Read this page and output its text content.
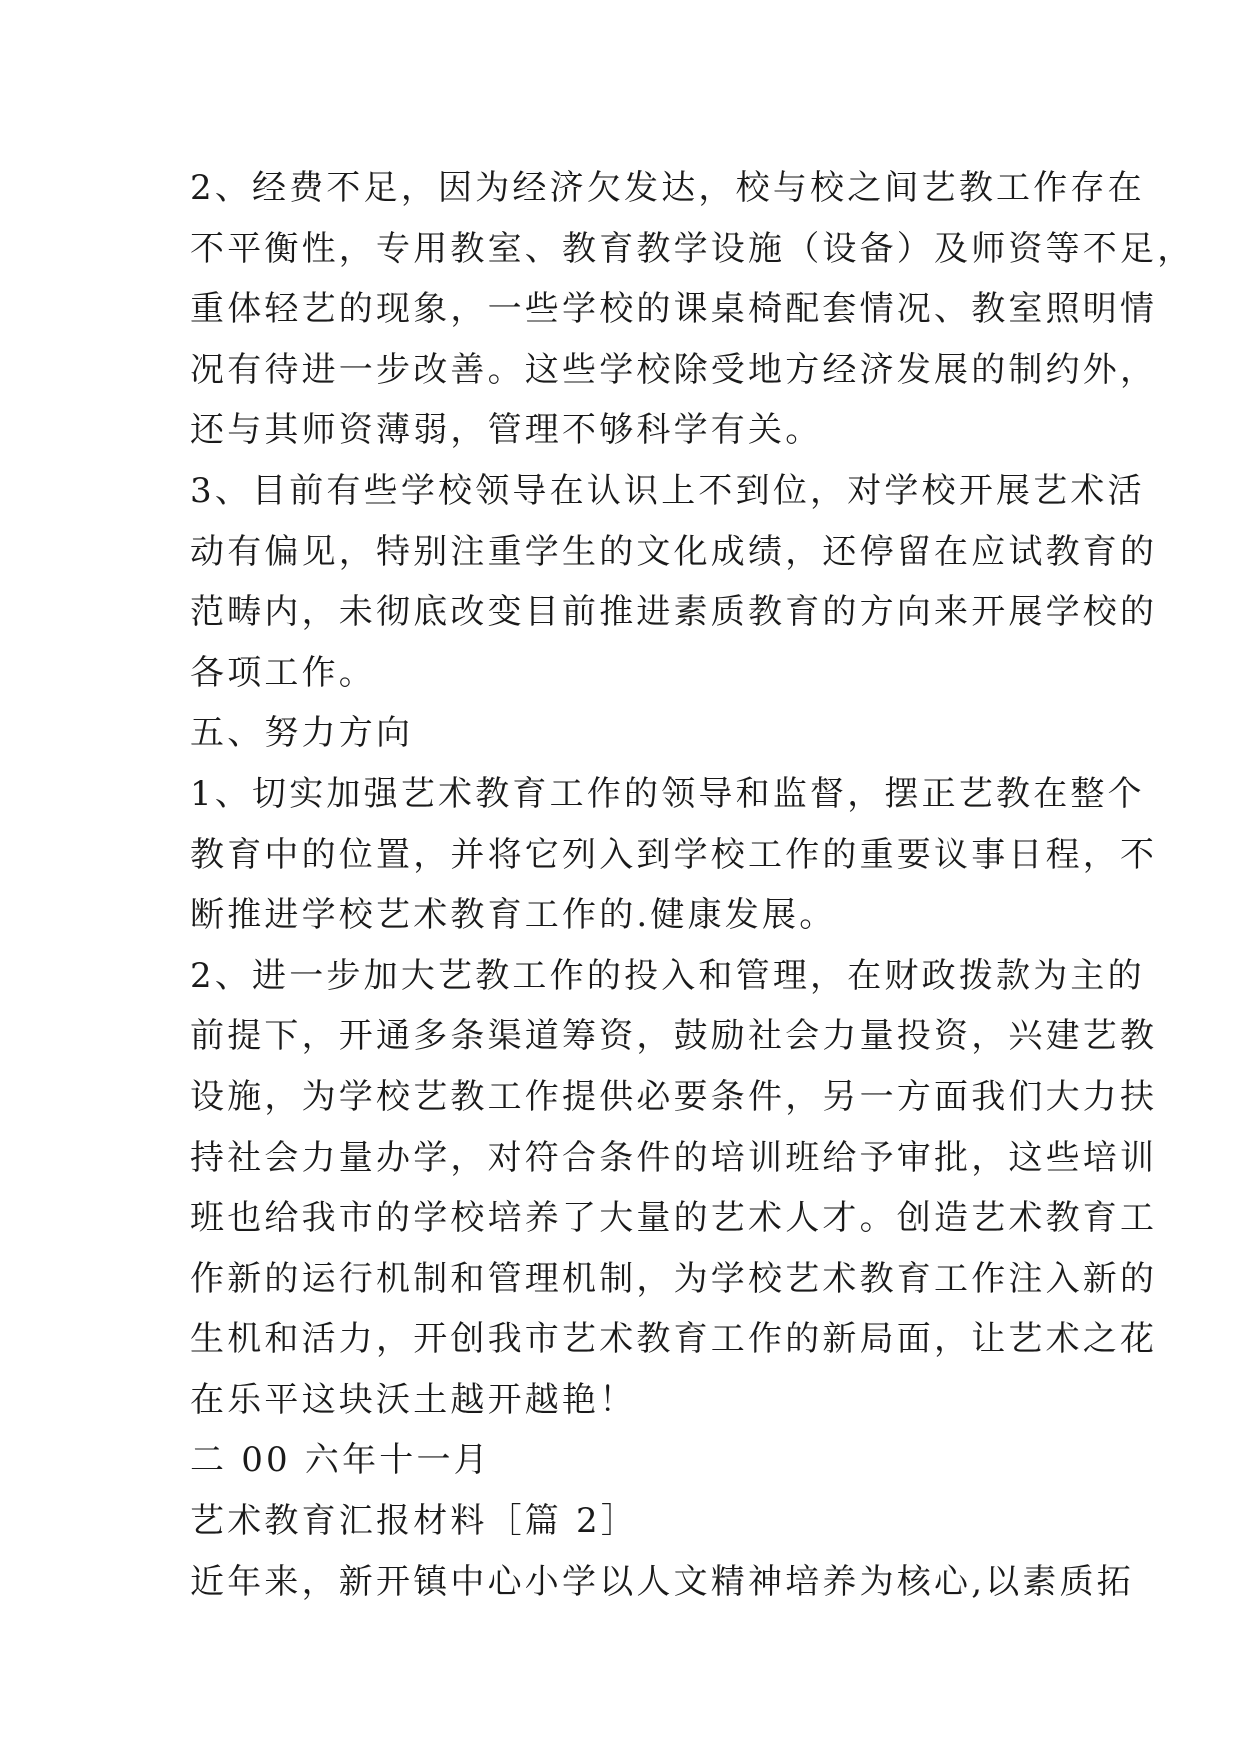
2、经费不足，因为经济欠发达，校与校之间艺教工作存在

不平衡性，专用教室、教育教学设施（设备）及师资等不足，

重体轻艺的现象，一些学校的课桌椅配套情况、教室照明情

况有待进一步改善。这些学校除受地方经济发展的制约外，

还与其师资薄弱，管理不够科学有关。

3、目前有些学校领导在认识上不到位，对学校开展艺术活

动有偏见，特别注重学生的文化成绩，还停留在应试教育的

范畴内，未彻底改变目前推进素质教育的方向来开展学校的

各项工作。

五、努力方向

1、切实加强艺术教育工作的领导和监督，摆正艺教在整个

教育中的位置，并将它列入到学校工作的重要议事日程，不

断推进学校艺术教育工作的.健康发展。

2、进一步加大艺教工作的投入和管理，在财政拨款为主的

前提下，开通多条渠道筹资，鼓励社会力量投资，兴建艺教

设施，为学校艺教工作提供必要条件，另一方面我们大力扶

持社会力量办学，对符合条件的培训班给予审批，这些培训

班也给我市的学校培养了大量的艺术人才。创造艺术教育工

作新的运行机制和管理机制，为学校艺术教育工作注入新的

生机和活力，开创我市艺术教育工作的新局面，让艺术之花

在乐平这块沃土越开越艳！

二 00 六年十一月

艺术教育汇报材料［篇 2］

近年来，新开镇中心小学以人文精神培养为核心,以素质拓
